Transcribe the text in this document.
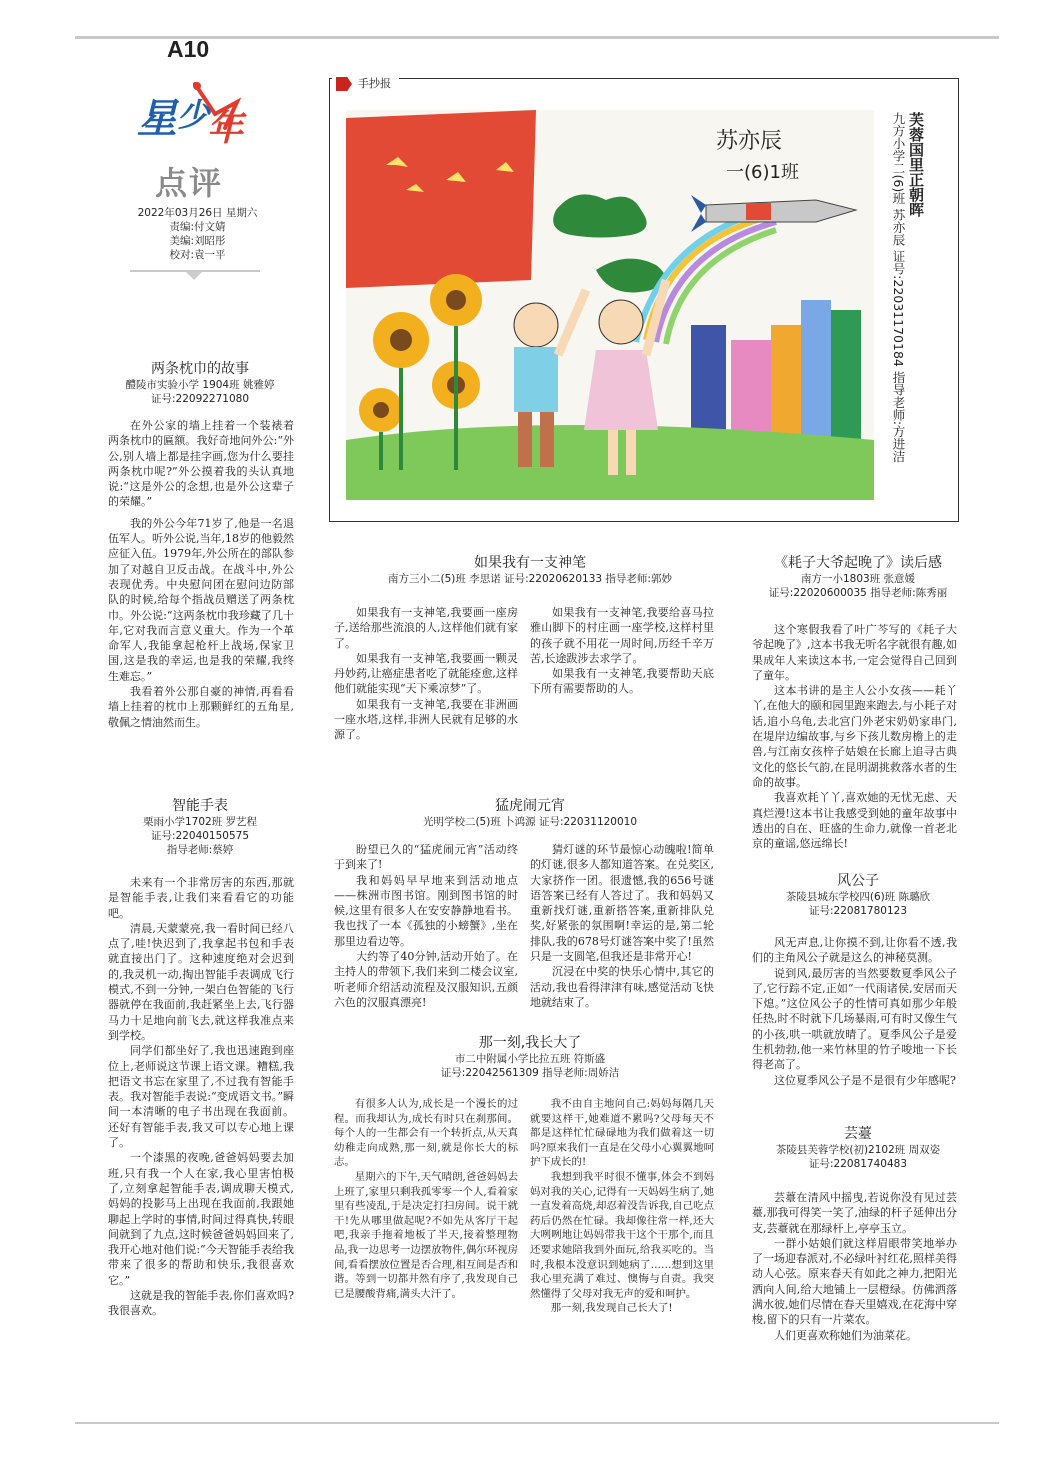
A10
星 少
年
点评
2022年03月26日 星期六
责编:付文婧
美编:刘昭彤
校对:袁一平
手抄报
苏亦辰
一(6)1班	芙蓉国里正朝晖
九方小学二(6)班 苏亦辰 证号:22031170184 指导老师:方进洁
两条枕巾的故事
醴陵市实验小学 1904班 姚雅婷
证号:22092271080

在外公家的墙上挂着一个装裱着两条枕巾的匾额。我好奇地问外公:“外公,别人墙上都是挂字画,您为什么要挂两条枕巾呢?”外公摸着我的头认真地说:“这是外公的念想,也是外公这辈子的荣耀。”

我的外公今年71岁了,他是一名退伍军人。听外公说,当年,18岁的他毅然应征入伍。1979年,外公所在的部队参加了对越自卫反击战。在战斗中,外公表现优秀。中央慰问团在慰问边防部队的时候,给每个指战员赠送了两条枕巾。外公说:“这两条枕巾我珍藏了几十年,它对我而言意义重大。作为一个革命军人,我能拿起枪杆上战场,保家卫国,这是我的幸运,也是我的荣耀,我终生难忘。”

我看着外公那自豪的神情,再看看墙上挂着的枕巾上那颗鲜红的五角星,敬佩之情油然而生。

智能手表
栗雨小学1702班 罗艺程
证号:22040150575
指导老师:蔡婷

未来有一个非常厉害的东西,那就是智能手表,让我们来看看它的功能吧。

清晨,天蒙蒙亮,我一看时间已经八点了,哇!快迟到了,我拿起书包和手表就直接出门了。这种速度绝对会迟到的,我灵机一动,掏出智能手表调成飞行模式,不到一分钟,一架白色智能的飞行器就停在我面前,我赶紧坐上去,飞行器马力十足地向前飞去,就这样我准点来到学校。

同学们都坐好了,我也迅速跑到座位上,老师说这节课上语文课。糟糕,我把语文书忘在家里了,不过我有智能手表。我对智能手表说:“变成语文书。”瞬间一本清晰的电子书出现在我面前。还好有智能手表,我又可以专心地上课了。

一个漆黑的夜晚,爸爸妈妈要去加班,只有我一个人在家,我心里害怕极了,立刻拿起智能手表,调成聊天模式,妈妈的投影马上出现在我面前,我跟她聊起上学时的事情,时间过得真快,转眼间就到了九点,这时候爸爸妈妈回来了,我开心地对他们说:“今天智能手表给我带来了很多的帮助和快乐,我很喜欢它。”

这就是我的智能手表,你们喜欢吗?我很喜欢。

如果我有一支神笔
南方三小二(5)班 李思诺 证号:22020620133 指导老师:郭妙

如果我有一支神笔,我要画一座房子,送给那些流浪的人,这样他们就有家了。

如果我有一支神笔,我要画一颗灵丹妙药,让癌症患者吃了就能痊愈,这样他们就能实现“天下乘凉梦”了。

如果我有一支神笔,我要在非洲画一座水塔,这样,非洲人民就有足够的水源了。

如果我有一支神笔,我要给喜马拉雅山脚下的村庄画一座学校,这样村里的孩子就不用花一周时间,历经千辛万苦,长途跋涉去求学了。

如果我有一支神笔,我要帮助天底下所有需要帮助的人。

猛虎闹元宵
光明学校二(5)班 卜鸿源 证号:22031120010

盼望已久的“猛虎闹元宵”活动终于到来了!

我和妈妈早早地来到活动地点——株洲市图书馆。刚到图书馆的时候,这里有很多人在安安静静地看书。我也找了一本《孤独的小螃蟹》,坐在那里边看边等。

大约等了40分钟,活动开始了。在主持人的带领下,我们来到二楼会议室,听老师介绍活动流程及汉服知识,五颜六色的汉服真漂亮!

猜灯谜的环节最惊心动魄啦!简单的灯谜,很多人都知道答案。在兑奖区,大家挤作一团。很遗憾,我的656号谜语答案已经有人答过了。我和妈妈又重新找灯谜,重新搭答案,重新排队兑奖,好紧张的氛围啊!幸运的是,第二轮排队,我的678号灯谜答案中奖了!虽然只是一支圆笔,但我还是非常开心!

沉浸在中奖的快乐心情中,其它的活动,我也看得津津有味,感觉活动飞快地就结束了。

那一刻,我长大了
市二中附属小学比拉五班 符斯盛
证号:22042561309 指导老师:周娇洁

有很多人认为,成长是一个漫长的过程。而我却认为,成长有时只在刹那间。每个人的一生都会有一个转折点,从天真幼稚走向成熟,那一刻,就是你长大的标志。

星期六的下午,天气晴朗,爸爸妈妈去上班了,家里只剩我孤零零一个人,看着家里有些凌乱,于是决定打扫房间。说干就干!先从哪里做起呢?不如先从客厅干起吧,我亲手拖着地板了半天,接着整理物品,我一边思考一边摆放物件,偶尔环视房间,看看摆放位置是否合理,相互间是否和谐。等到一切都井然有序了,我发现自己已是腰酸背痛,满头大汗了。

我不由自主地问自己:妈妈每隔几天就要这样干,她难道不累吗?父母每天不都是这样忙忙碌碌地为我们做着这一切吗?原来我们一直是在父母小心翼翼地呵护下成长的!

我想到我平时很不懂事,体会不到妈妈对我的关心,记得有一天妈妈生病了,她一直发着高烧,却忍着没告诉我,自己吃点药后仍然在忙碌。我却像往常一样,还大大咧咧地让妈妈带我干这个干那个,而且还要求她陪我到外面玩,给我买吃的。当时,我根本没意识到她病了……想到这里我心里充满了难过、懊悔与自责。我突然懂得了父母对我无声的爱和呵护。

那一刻,我发现自己长大了!

《耗子大爷起晚了》读后感
南方一小1803班 张意媛
证号:22020600035 指导老师:陈秀丽

这个寒假我看了叶广芩写的《耗子大爷起晚了》,这本书我无听名字就很有趣,如果成年人来读这本书,一定会觉得自己回到了童年。

这本书讲的是主人公小女孩——耗丫丫,在他大的颐和园里跑来跑去,与小耗子对话,追小乌龟,去北宫门外老宋奶奶家串门,在堤岸边编故事,与乡下孩儿数房檐上的走兽,与江南女孩梓子姑娘在长廊上追寻古典文化的悠长气韵,在昆明湖挑救落水者的生命的故事。

我喜欢耗丫丫,喜欢她的无忧无虑、天真烂漫!这本书让我感受到她的童年故事中透出的自在、旺盛的生命力,就像一首老北京的童谣,悠远绵长!

风公子
茶陵县城东学校四(6)班 陈璐欣
证号:22081780123

风无声息,让你摸不到,让你看不透,我们的主角风公子就是这么的神秘莫测。

说到风,最厉害的当然要数夏季风公子了,它行踪不定,正如“一代雨诸侯,安居而天下熄。”这位风公子的性情可真如那少年般任热,时不时就下几场暴雨,可有时又像生气的小孩,哄一哄就放晴了。夏季风公子是爱生机勃勃,他一来竹林里的竹子唆地一下长得老高了。

这位夏季风公子是不是很有少年感呢?

芸薹
茶陵县芙蓉学校(初)2102班 周双姿
证号:22081740483

芸薹在清风中摇曳,若说你没有见过芸薹,那我可得笑一笑了,油绿的杆子延伸出分支,芸薹就在那绿杆上,亭亭玉立。

一群小姑娘们就这样眉眼带笑地举办了一场迎春派对,不必绿叶衬红花,照样美得动人心弦。原来春天有如此之神力,把阳光洒向人间,给大地铺上一层橙绿。仿佛洒落满水彼,她们尽情在春天里嬉戏,在花海中穿梭,留下的只有一片菜农。

人们更喜欢称她们为油菜花。
